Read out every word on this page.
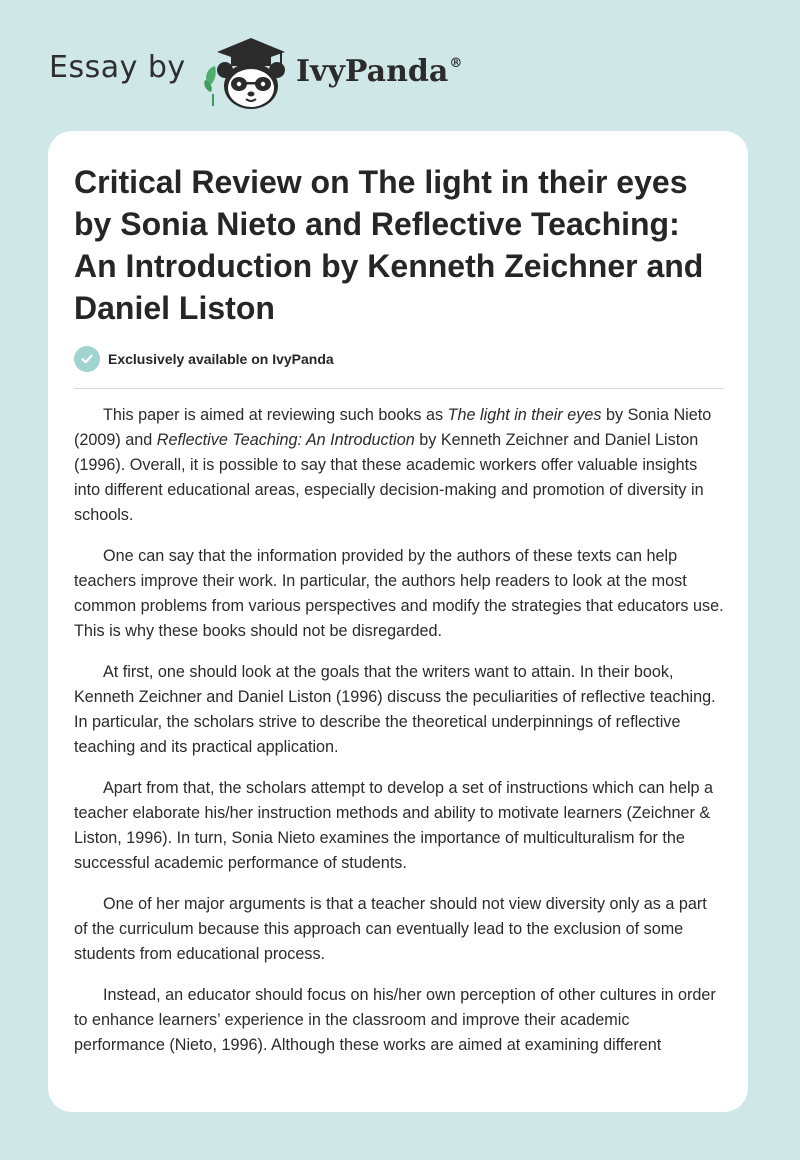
Essay by	IvyPanda®
Critical Review on The light in their eyes by Sonia Nieto and Reflective Teaching: An Introduction by Kenneth Zeichner and Daniel Liston
Exclusively available on IvyPanda

This paper is aimed at reviewing such books as The light in their eyes by Sonia Nieto (2009) and Reflective Teaching: An Introduction by Kenneth Zeichner and Daniel Liston (1996). Overall, it is possible to say that these academic workers offer valuable insights into different educational areas, especially decision-making and promotion of diversity in schools.

One can say that the information provided by the authors of these texts can help teachers improve their work. In particular, the authors help readers to look at the most common problems from various perspectives and modify the strategies that educators use. This is why these books should not be disregarded.

At first, one should look at the goals that the writers want to attain. In their book, Kenneth Zeichner and Daniel Liston (1996) discuss the peculiarities of reflective teaching. In particular, the scholars strive to describe the theoretical underpinnings of reflective teaching and its practical application.

Apart from that, the scholars attempt to develop a set of instructions which can help a teacher elaborate his/her instruction methods and ability to motivate learners (Zeichner & Liston, 1996). In turn, Sonia Nieto examines the importance of multiculturalism for the successful academic performance of students.

One of her major arguments is that a teacher should not view diversity only as a part of the curriculum because this approach can eventually lead to the exclusion of some students from educational process.

Instead, an educator should focus on his/her own perception of other cultures in order to enhance learners’ experience in the classroom and improve their academic performance (Nieto, 1996). Although these works are aimed at examining different
